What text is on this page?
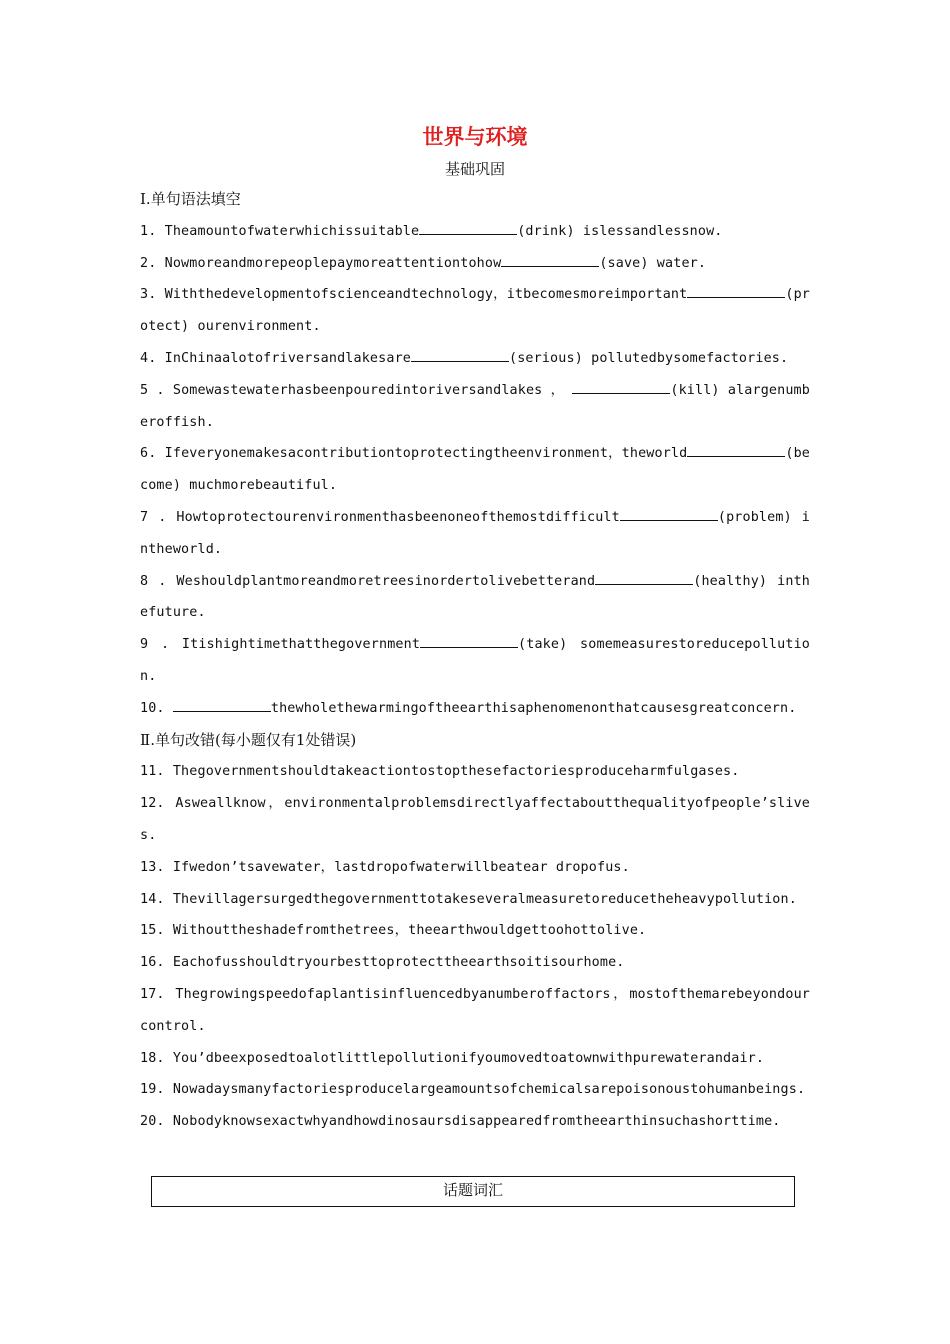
世界与环境
基础巩固
Ⅰ.单句语法填空
1. Theamountofwaterwhichissuitable	(drink) islessandlessnow.
2. Nowmoreandmorepeoplepaymoreattentiontohow	(save) water.
3. Withthedevelopmentofscienceandtechnology，itbecomesmoreimportant	(protect) ourenvironment.
4. InChinaalotofriversandlakesare	(serious) pollutedbysomefactories.
5 . Somewastewaterhasbeenpouredintoriversandlakes ，	(kill) alargenumberoffish.
6. Ifeveryonemakesacontributiontoprotectingtheenvironment，theworld	(become) muchmorebeautiful.
7 . Howtoprotectourenvironmenthasbeenoneofthemostdifficult	(problem) intheworld.
8 . Weshouldplantmoreandmoretreesinordertolivebetterand	(healthy) inthefuture.
9 . Itishightimethatthegovernment	(take) somemeasurestoreducepollution.
10.	thewholethewarmingoftheearthisaphenomenonthatcausesgreatconcern.
Ⅱ.单句改错(每小题仅有1处错误)
11. Thegovernmentshouldtakeactiontostopthesefactoriesproduceharmfulgases.
12. Asweallknow，environmentalproblemsdirectlyaffectaboutthequalityofpeople’slives.
13. Ifwedon’tsavewater，lastdropofwaterwillbeatear dropofus.
14. Thevillagersurgedthegovernmenttotakeseveralmeasuretoreducetheheavypollution.
15. Withouttheshadefromthetrees，theearthwouldgettoohottolive.
16. Eachofusshouldtryourbesttoprotecttheearthsoitisourhome.
17. Thegrowingspeedofaplantisinfluencedbyanumberoffactors，mostofthemarebeyondourcontrol.
18. You’dbeexposedtoalotlittlepollutionifyoumovedtoatownwithpurewaterandair.
19. Nowadaysmanyfactoriesproducelargeamountsofchemicalsarepoisonoustohumanbeings.
20. Nobodyknowsexactwhyandhowdinosaursdisappearedfromtheearthinsuchashorttime.
话题词汇
